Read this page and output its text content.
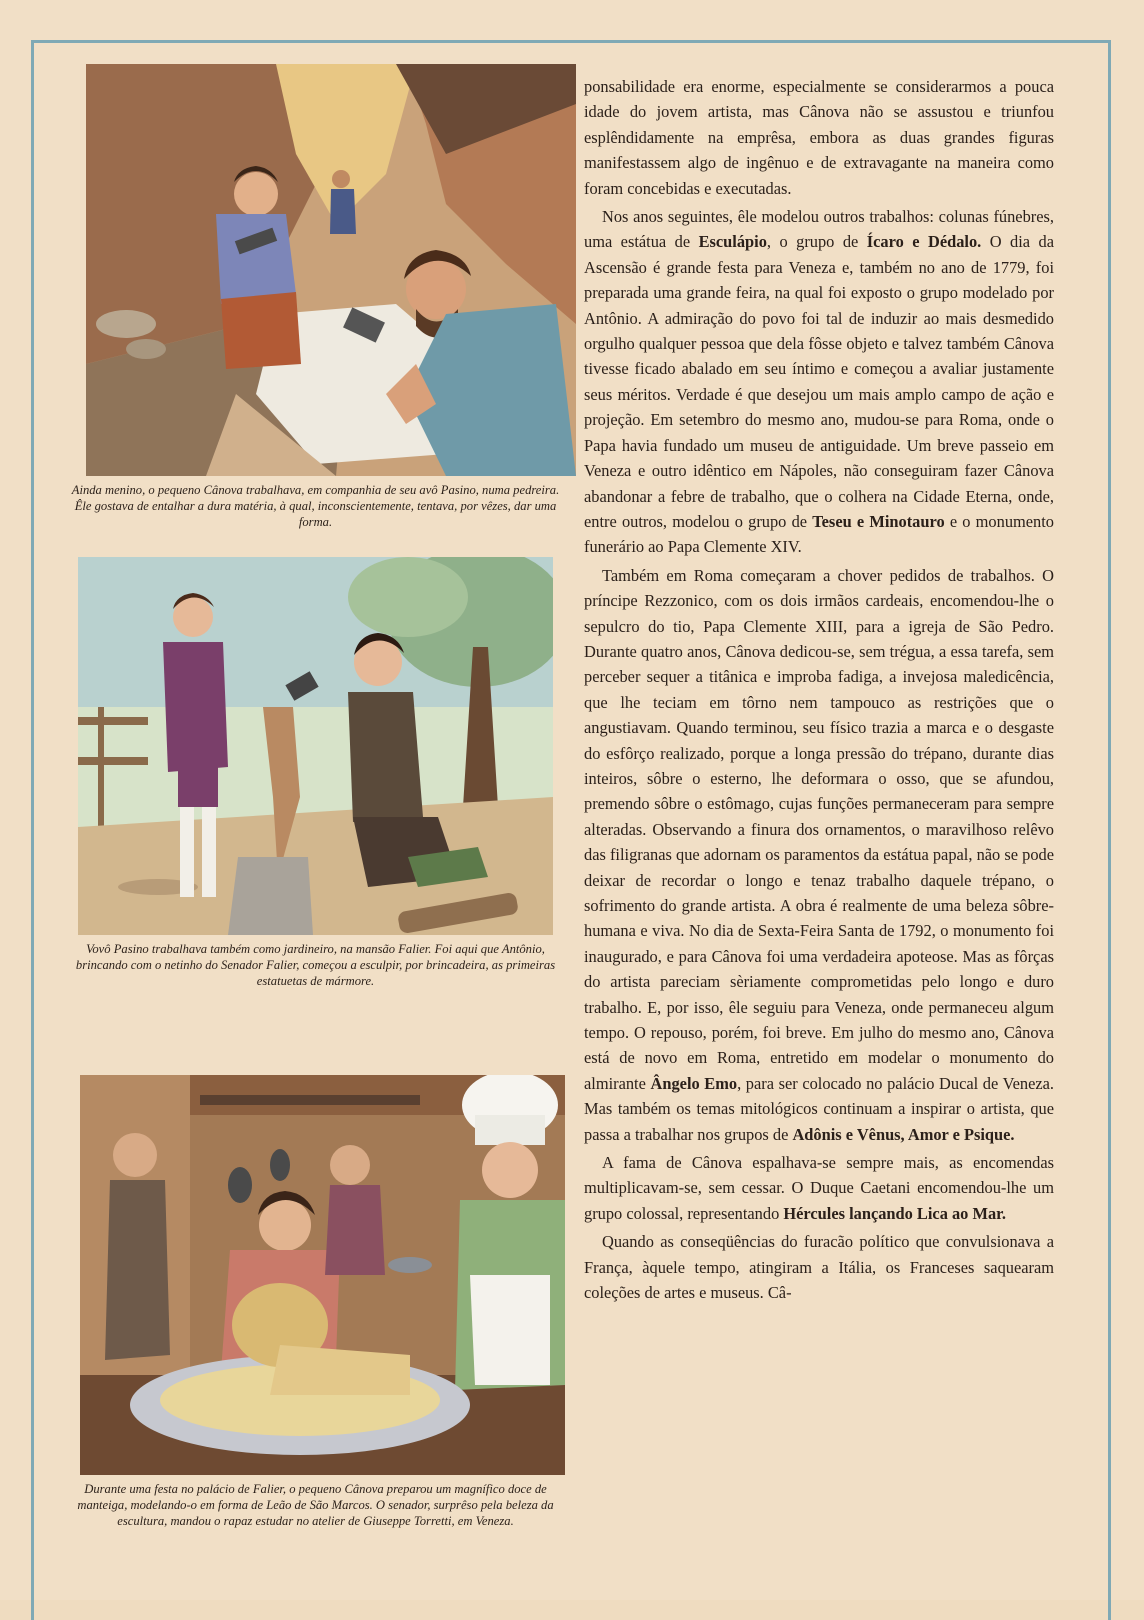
Ainda menino, o pequeno Cânova trabalhava, em companhia de seu avô Pasino, numa pedreira. Êle gostava de entalhar a dura matéria, à qual, inconscientemente, tentava, por vêzes, dar uma forma.

Vovô Pasino trabalhava também como jardineiro, na mansão Falier. Foi aqui que Antônio, brincando com o netinho do Senador Falier, começou a esculpir, por brincadeira, as primeiras estatuetas de mármore.

Durante uma festa no palácio de Falier, o pequeno Cânova preparou um magnífico doce de manteiga, modelando-o em forma de Leão de São Marcos. O senador, surprêso pela beleza da escultura, mandou o rapaz estudar no atelier de Giuseppe Torretti, em Veneza.

ponsabilidade era enorme, especialmente se considerarmos a pouca idade do jovem artista, mas Cânova não se assustou e triunfou esplêndidamente na emprêsa, embora as duas grandes figuras manifestassem algo de ingênuo e de extravagante na maneira como foram concebidas e executadas.

Nos anos seguintes, êle modelou outros trabalhos: colunas fúnebres, uma estátua de Esculápio, o grupo de Ícaro e Dédalo. O dia da Ascensão é grande festa para Veneza e, também no ano de 1779, foi preparada uma grande feira, na qual foi exposto o grupo modelado por Antônio. A admiração do povo foi tal de induzir ao mais desmedido orgulho qualquer pessoa que dela fôsse objeto e talvez também Cânova tivesse ficado abalado em seu íntimo e começou a avaliar justamente seus méritos. Verdade é que desejou um mais amplo campo de ação e projeção. Em setembro do mesmo ano, mudou-se para Roma, onde o Papa havia fundado um museu de antiguidade. Um breve passeio em Veneza e outro idêntico em Nápoles, não conseguiram fazer Cânova abandonar a febre de trabalho, que o colhera na Cidade Eterna, onde, entre outros, modelou o grupo de Teseu e Minotauro e o monumento funerário ao Papa Clemente XIV.

Também em Roma começaram a chover pedidos de trabalhos. O príncipe Rezzonico, com os dois irmãos cardeais, encomendou-lhe o sepulcro do tio, Papa Clemente XIII, para a igreja de São Pedro. Durante quatro anos, Cânova dedicou-se, sem trégua, a essa tarefa, sem perceber sequer a titânica e improba fadiga, a invejosa maledicência, que lhe teciam em tôrno nem tampouco as restrições que o angustiavam. Quando terminou, seu físico trazia a marca e o desgaste do esfôrço realizado, porque a longa pressão do trépano, durante dias inteiros, sôbre o esterno, lhe deformara o osso, que se afundou, premendo sôbre o estômago, cujas funções permaneceram para sempre alteradas. Observando a finura dos ornamentos, o maravilhoso relêvo das filigranas que adornam os paramentos da estátua papal, não se pode deixar de recordar o longo e tenaz trabalho daquele trépano, o sofrimento do grande artista. A obra é realmente de uma beleza sôbre-humana e viva. No dia de Sexta-Feira Santa de 1792, o monumento foi inaugurado, e para Cânova foi uma verdadeira apoteose. Mas as fôrças do artista pareciam sèriamente comprometidas pelo longo e duro trabalho. E, por isso, êle seguiu para Veneza, onde permaneceu algum tempo. O repouso, porém, foi breve. Em julho do mesmo ano, Cânova está de novo em Roma, entretido em modelar o monumento do almirante Ângelo Emo, para ser colocado no palácio Ducal de Veneza. Mas também os temas mitológicos continuam a inspirar o artista, que passa a trabalhar nos grupos de Adônis e Vênus, Amor e Psique.

A fama de Cânova espalhava-se sempre mais, as encomendas multiplicavam-se, sem cessar. O Duque Caetani encomendou-lhe um grupo colossal, representando Hércules lançando Lica ao Mar.

Quando as conseqüências do furacão político que convulsionava a França, àquele tempo, atingiram a Itália, os Franceses saquearam coleções de artes e museus. Câ-
